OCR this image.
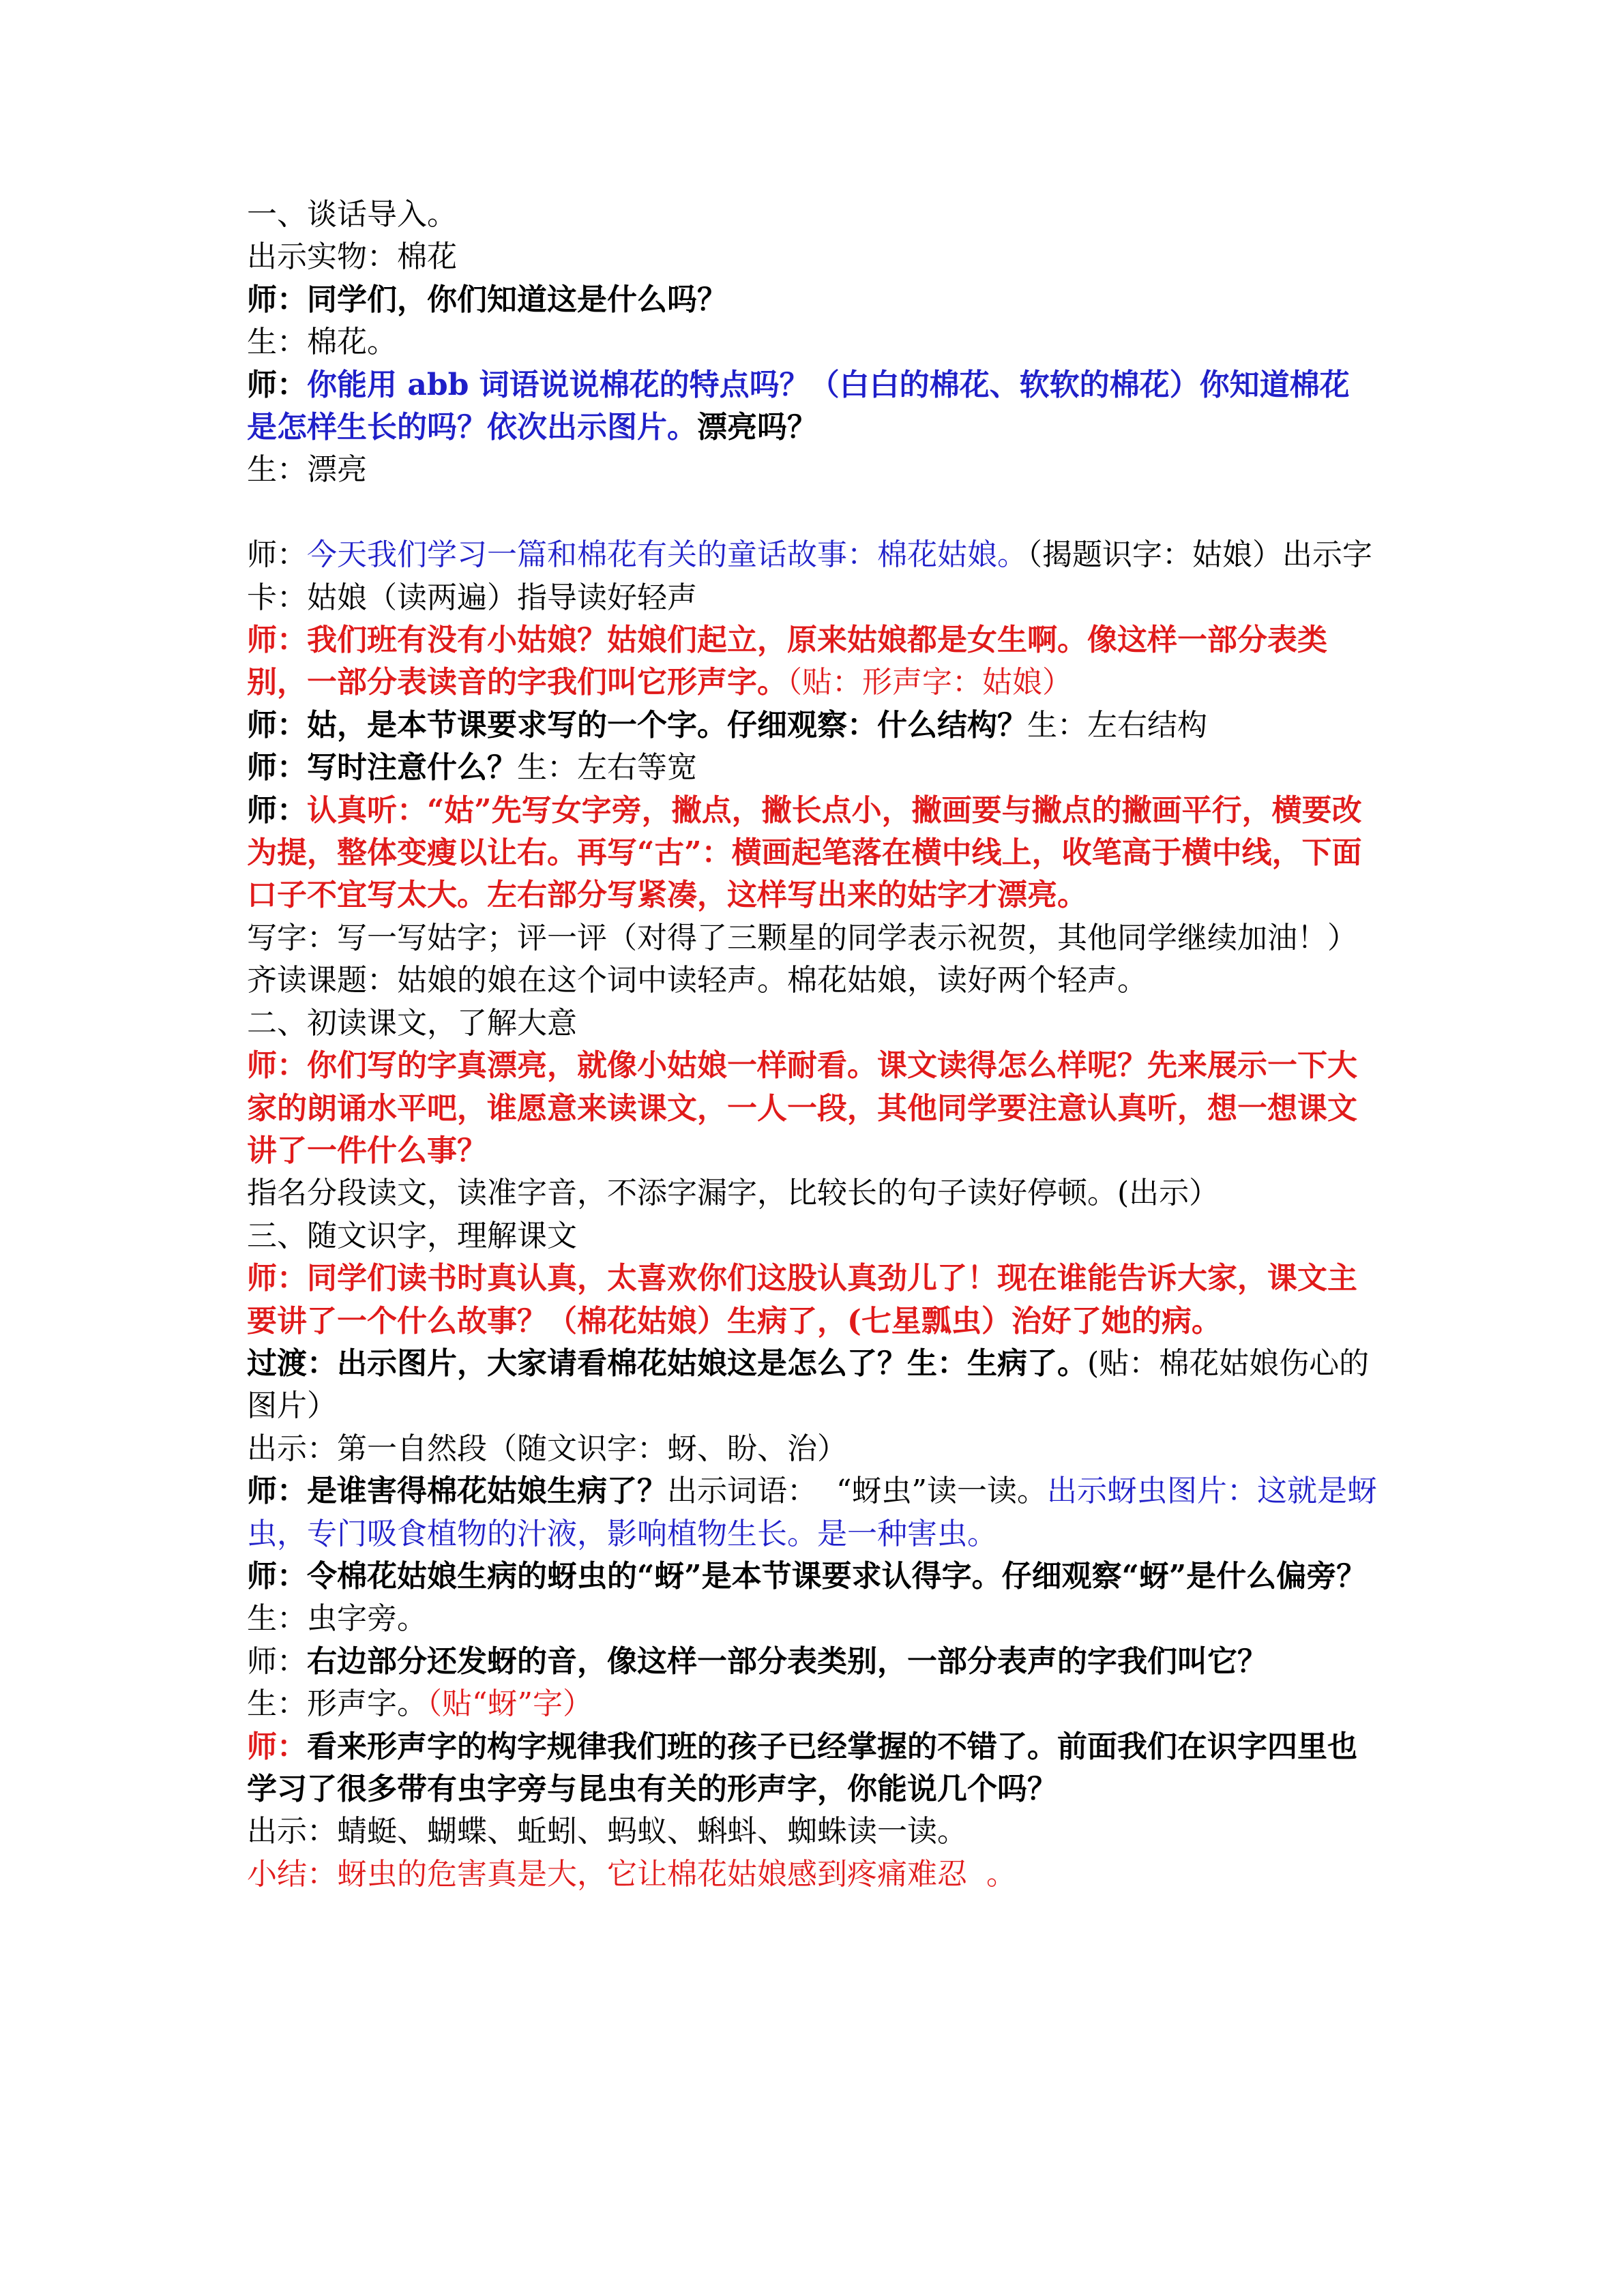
一、谈话导入。
出示实物：棉花
师：同学们，你们知道这是什么吗？
生：棉花。
师：你能用 abb 词语说说棉花的特点吗？（白白的棉花、软软的棉花）你知道棉花是怎样生长的吗？依次出示图片。漂亮吗？
生：漂亮
师：今天我们学习一篇和棉花有关的童话故事：棉花姑娘。（揭题识字：姑娘）出示字卡：姑娘（读两遍）指导读好轻声
师：我们班有没有小姑娘？姑娘们起立，原来姑娘都是女生啊。像这样一部分表类别，一部分表读音的字我们叫它形声字。（贴：形声字：姑娘）
师：姑，是本节课要求写的一个字。仔细观察：什么结构？生：左右结构
师：写时注意什么？生：左右等宽
师：认真听：“姑”先写女字旁，撇点，撇长点小，撇画要与撇点的撇画平行，横要改为提，整体变瘦以让右。再写“古”：横画起笔落在横中线上，收笔高于横中线，下面口子不宜写太大。左右部分写紧凑，这样写出来的姑字才漂亮。
写字：写一写姑字；评一评（对得了三颗星的同学表示祝贺，其他同学继续加油！）
齐读课题：姑娘的娘在这个词中读轻声。棉花姑娘，读好两个轻声。
二、初读课文，了解大意
师：你们写的字真漂亮，就像小姑娘一样耐看。课文读得怎么样呢？先来展示一下大家的朗诵水平吧，谁愿意来读课文，一人一段，其他同学要注意认真听，想一想课文讲了一件什么事？
指名分段读文，读准字音，不添字漏字，比较长的句子读好停顿。(出示）
三、随文识字，理解课文
师：同学们读书时真认真，太喜欢你们这股认真劲儿了！现在谁能告诉大家，课文主要讲了一个什么故事？（棉花姑娘）生病了，(七星瓢虫）治好了她的病。
过渡：出示图片，大家请看棉花姑娘这是怎么了？生：生病了。(贴：棉花姑娘伤心的图片）
出示：第一自然段（随文识字：蚜、盼、治）
师：是谁害得棉花姑娘生病了？出示词语：  “蚜虫”读一读。出示蚜虫图片：这就是蚜虫，专门吸食植物的汁液，影响植物生长。是一种害虫。
师：令棉花姑娘生病的蚜虫的“蚜”是本节课要求认得字。仔细观察“蚜”是什么偏旁？
生：虫字旁。
师：右边部分还发蚜的音，像这样一部分表类别，一部分表声的字我们叫它？
生：形声字。（贴“蚜”字）
师：看来形声字的构字规律我们班的孩子已经掌握的不错了。前面我们在识字四里也学习了很多带有虫字旁与昆虫有关的形声字，你能说几个吗？
出示：蜻蜓、蝴蝶、蚯蚓、蚂蚁、蝌蚪、蜘蛛读一读。
小结：蚜虫的危害真是大，它让棉花姑娘感到疼痛难忍  。
